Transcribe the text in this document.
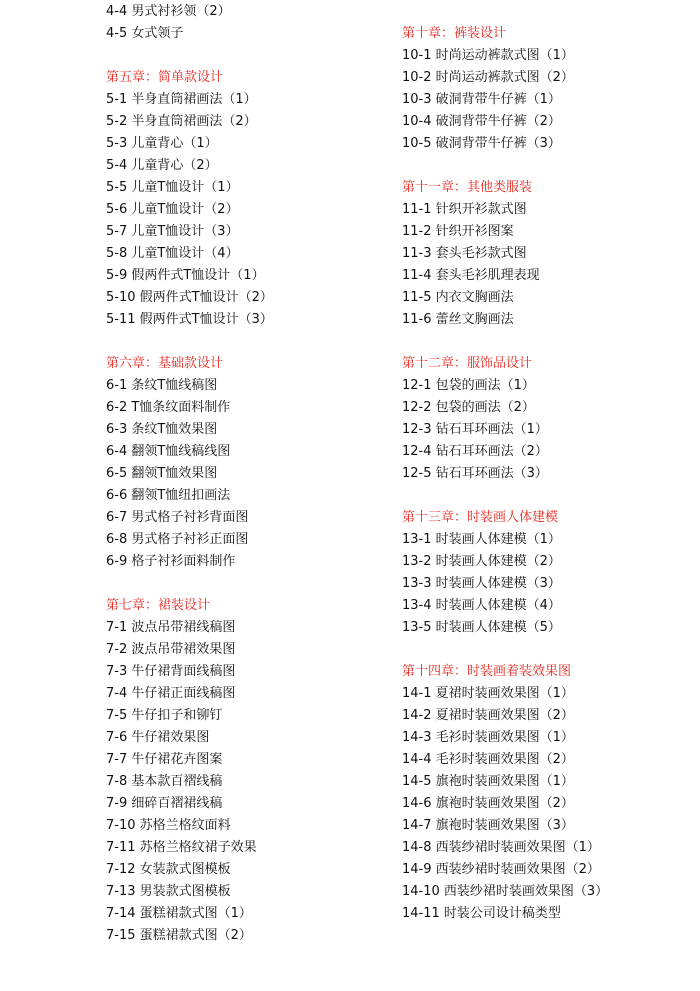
4-4 男式衬衫领（2）
4-5 女式领子
第五章：简单款设计
5-1 半身直筒裙画法（1）
5-2 半身直筒裙画法（2）
5-3 儿童背心（1）
5-4 儿童背心（2）
5-5 儿童T恤设计（1）
5-6 儿童T恤设计（2）
5-7 儿童T恤设计（3）
5-8 儿童T恤设计（4）
5-9 假两件式T恤设计（1）
5-10 假两件式T恤设计（2）
5-11 假两件式T恤设计（3）
第六章：基础款设计
6-1 条纹T恤线稿图
6-2 T恤条纹面料制作
6-3 条纹T恤效果图
6-4 翻领T恤线稿线图
6-5 翻领T恤效果图
6-6 翻领T恤纽扣画法
6-7 男式格子衬衫背面图
6-8 男式格子衬衫正面图
6-9 格子衬衫面料制作
第七章：裙装设计
7-1 波点吊带裙线稿图
7-2 波点吊带裙效果图
7-3 牛仔裙背面线稿图
7-4 牛仔裙正面线稿图
7-5 牛仔扣子和铆钉
7-6 牛仔裙效果图
7-7 牛仔裙花卉图案
7-8 基本款百褶线稿
7-9 细碎百褶裙线稿
7-10 苏格兰格纹面料
7-11 苏格兰格纹裙子效果
7-12 女装款式图模板
7-13 男装款式图模板
7-14 蛋糕裙款式图（1）
7-15 蛋糕裙款式图（2）
第十章：裤装设计
10-1 时尚运动裤款式图（1）
10-2 时尚运动裤款式图（2）
10-3 破洞背带牛仔裤（1）
10-4 破洞背带牛仔裤（2）
10-5 破洞背带牛仔裤（3）
第十一章：其他类服装
11-1 针织开衫款式图
11-2 针织开衫图案
11-3 套头毛衫款式图
11-4 套头毛衫肌理表现
11-5 内衣文胸画法
11-6 蕾丝文胸画法
第十二章：服饰品设计
12-1 包袋的画法（1）
12-2 包袋的画法（2）
12-3 钻石耳环画法（1）
12-4 钻石耳环画法（2）
12-5 钻石耳环画法（3）
第十三章：时装画人体建模
13-1 时装画人体建模（1）
13-2 时装画人体建模（2）
13-3 时装画人体建模（3）
13-4 时装画人体建模（4）
13-5 时装画人体建模（5）
第十四章：时装画着装效果图
14-1 夏裙时装画效果图（1）
14-2 夏裙时装画效果图（2）
14-3 毛衫时装画效果图（1）
14-4 毛衫时装画效果图（2）
14-5 旗袍时装画效果图（1）
14-6 旗袍时装画效果图（2）
14-7 旗袍时装画效果图（3）
14-8 西装纱裙时装画效果图（1）
14-9 西装纱裙时装画效果图（2）
14-10 西装纱裙时装画效果图（3）
14-11 时装公司设计稿类型
